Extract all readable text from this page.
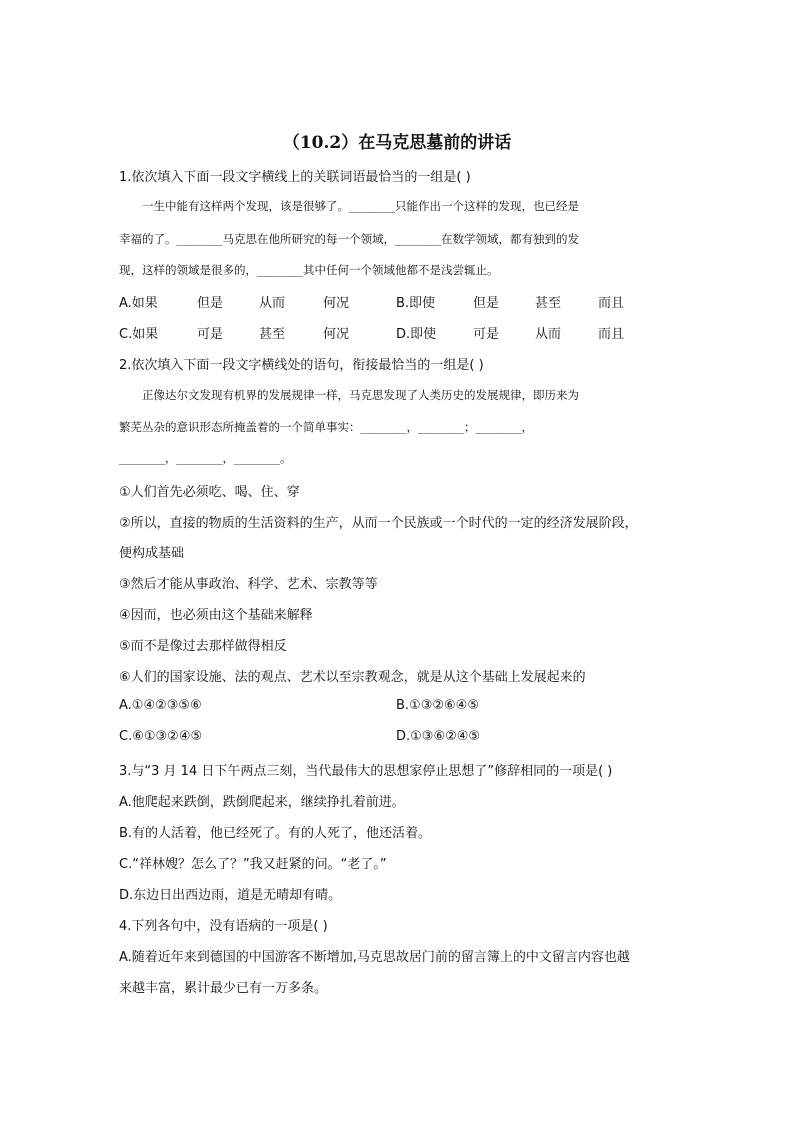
（10.2）在马克思墓前的讲话
1.依次填入下面一段文字横线上的关联词语最恰当的一组是( )
　　一生中能有这样两个发现，该是很够了。________只能作出一个这样的发现，也已经是
幸福的了。________马克思在他所研究的每一个领域，________在数学领域，都有独到的发
现，这样的领域是很多的，________其中任何一个领域他都不是浅尝辄止。
A.如果	但是	从而	何况	B.即使	但是	甚至	而且
C.如果	可是	甚至	何况	D.即使	可是	从而	而且
2.依次填入下面一段文字横线处的语句，衔接最恰当的一组是( )
　　正像达尔文发现有机界的发展规律一样，马克思发现了人类历史的发展规律，即历来为
繁芜丛杂的意识形态所掩盖着的一个简单事实：________，________；________，
________，________，________。
①人们首先必须吃、喝、住、穿
②所以，直接的物质的生活资料的生产，从而一个民族或一个时代的一定的经济发展阶段，
便构成基础
③然后才能从事政治、科学、艺术、宗教等等
④因而，也必须由这个基础来解释
⑤而不是像过去那样做得相反
⑥人们的国家设施、法的观点、艺术以至宗教观念，就是从这个基础上发展起来的
A.①④②③⑤⑥	B.①③②⑥④⑤
C.⑥①③②④⑤	D.①③⑥②④⑤
3.与“3 月 14 日下午两点三刻，当代最伟大的思想家停止思想了”修辞相同的一项是( )
A.他爬起来跌倒，跌倒爬起来，继续挣扎着前进。
B.有的人活着，他已经死了。有的人死了，他还活着。
C.“祥林嫂？怎么了？”我又赶紧的问。“老了。”
D.东边日出西边雨，道是无晴却有晴。
4.下列各句中，没有语病的一项是( )
A.随着近年来到德国的中国游客不断增加,马克思故居门前的留言簿上的中文留言内容也越
来越丰富，累计最少已有一万多条。
